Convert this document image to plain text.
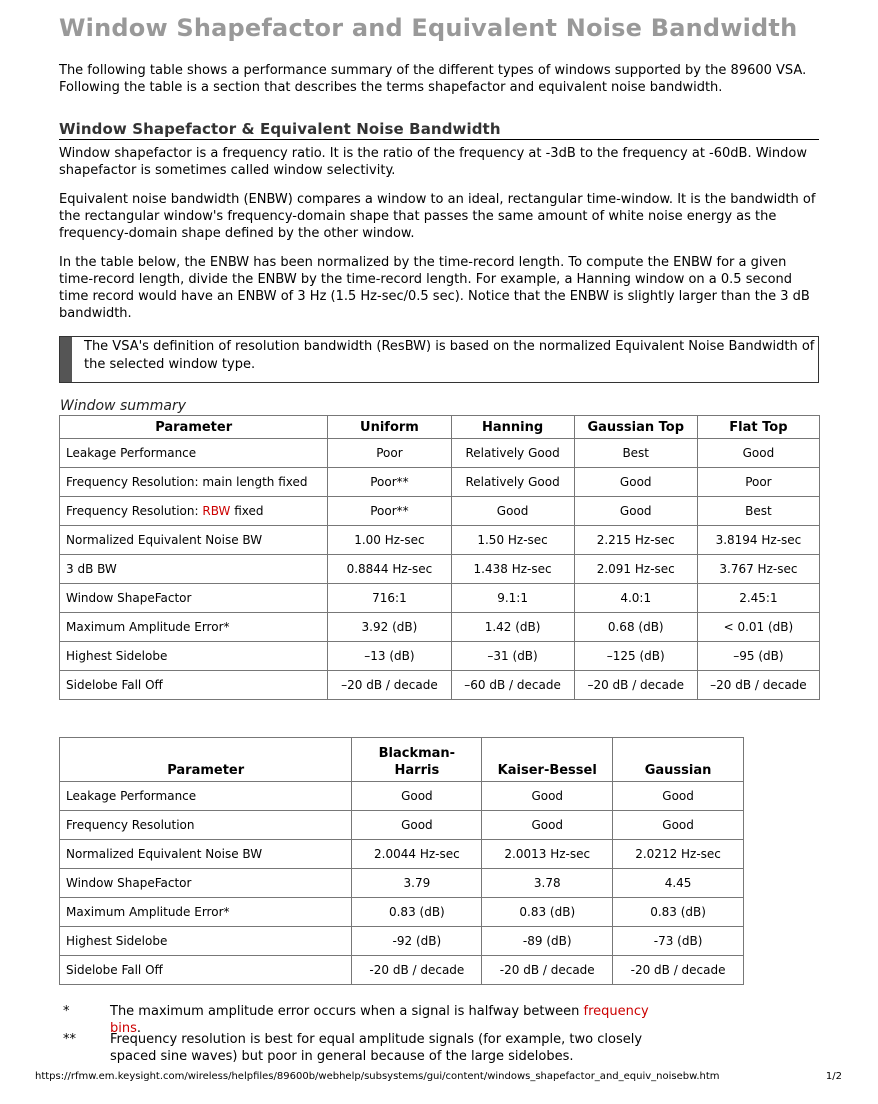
Window Shapefactor and Equivalent Noise Bandwidth

The following table shows a performance summary of the different types of windows supported by the 89600 VSA. Following the table is a section that describes the terms shapefactor and equivalent noise bandwidth.

Window Shapefactor & Equivalent Noise Bandwidth

Window shapefactor is a frequency ratio. It is the ratio of the frequency at -3dB to the frequency at -60dB. Window shapefactor is sometimes called window selectivity.

Equivalent noise bandwidth (ENBW) compares a window to an ideal, rectangular time-window. It is the bandwidth of the rectangular window's frequency-domain shape that passes the same amount of white noise energy as the frequency-domain shape defined by the other window.

In the table below, the ENBW has been normalized by the time-record length. To compute the ENBW for a given time-record length, divide the ENBW by the time-record length. For example, a Hanning window on a 0.5 second time record would have an ENBW of 3 Hz (1.5 Hz-sec/0.5 sec). Notice that the ENBW is slightly larger than the 3 dB bandwidth.

The VSA's definition of resolution bandwidth (ResBW) is based on the normalized Equivalent Noise Bandwidth of the selected window type.

Window summary

Parameter	Uniform	Hanning	Gaussian Top	Flat Top
Leakage Performance	Poor	Relatively Good	Best	Good
Frequency Resolution: main length fixed	Poor**	Relatively Good	Good	Poor
Frequency Resolution: RBW fixed	Poor**	Good	Good	Best
Normalized Equivalent Noise BW	1.00 Hz-sec	1.50 Hz-sec	2.215 Hz-sec	3.8194 Hz-sec
3 dB BW	0.8844 Hz-sec	1.438 Hz-sec	2.091 Hz-sec	3.767 Hz-sec
Window ShapeFactor	716:1	9.1:1	4.0:1	2.45:1
Maximum Amplitude Error*	3.92 (dB)	1.42 (dB)	0.68 (dB)	< 0.01 (dB)
Highest Sidelobe	–13 (dB)	–31 (dB)	–125 (dB)	–95 (dB)
Sidelobe Fall Off	–20 dB / decade	–60 dB / decade	–20 dB / decade	–20 dB / decade
Parameter	Blackman-Harris	Kaiser-Bessel	Gaussian
Leakage Performance	Good	Good	Good
Frequency Resolution	Good	Good	Good
Normalized Equivalent Noise BW	2.0044 Hz-sec	2.0013 Hz-sec	2.0212 Hz-sec
Window ShapeFactor	3.79	3.78	4.45
Maximum Amplitude Error*	0.83 (dB)	0.83 (dB)	0.83 (dB)
Highest Sidelobe	-92 (dB)	-89 (dB)	-73 (dB)
Sidelobe Fall Off	-20 dB / decade	-20 dB / decade	-20 dB / decade
*	The maximum amplitude error occurs when a signal is halfway between frequency bins.
**	Frequency resolution is best for equal amplitude signals (for example, two closely spaced sine waves) but poor in general because of the large sidelobes.

https://rfmw.em.keysight.com/wireless/helpfiles/89600b/webhelp/subsystems/gui/content/windows_shapefactor_and_equiv_noisebw.htm	1/2
